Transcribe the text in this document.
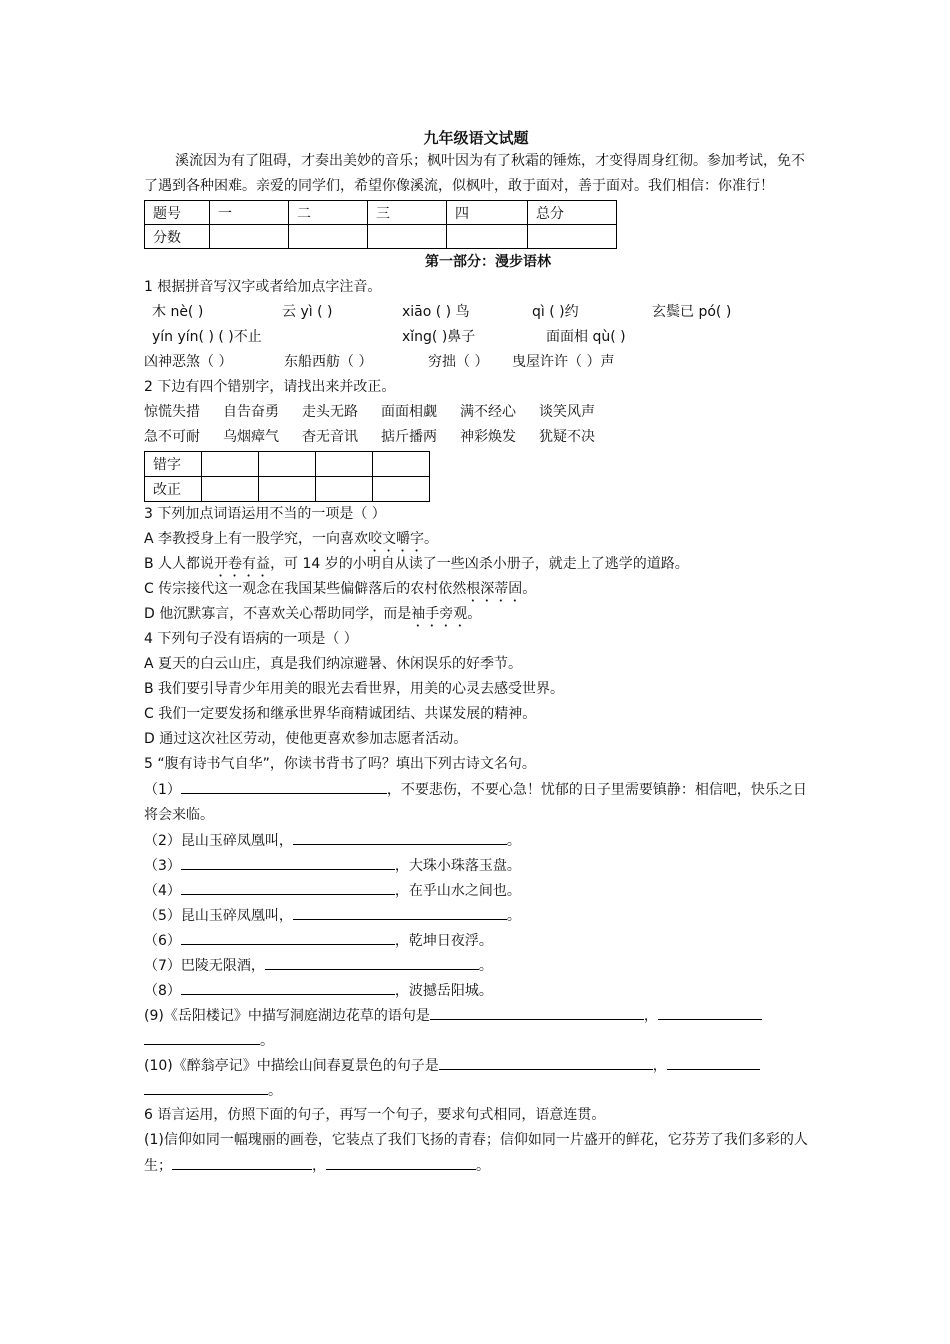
九年级语文试题
溪流因为有了阻碍，才奏出美妙的音乐；枫叶因为有了秋霜的锤炼，才变得周身红彻。参加考试，免不了遇到各种困难。亲爱的同学们，希望你像溪流，似枫叶，敢于面对，善于面对。我们相信：你准行！
题号	一	二	三	四	总分
分数					
第一部分：漫步语林
1 根据拼音写汉字或者给加点字注音。
木 nè( )	云 yì ( )	xiāo ( ) 鸟	qì ( )约	玄鬓已 pó( )
yín yín( ) ( )不止	xǐng( )鼻子	面面相 qù( )
凶神恶煞（ ）	东船西舫（ ）	穷拙（ ） 曳屋许许（ ）声
2 下边有四个错别字，请找出来并改正。
惊慌失措 自告奋勇 走头无路 面面相觑 满不经心 谈笑风声
急不可耐 乌烟瘴气 杳无音讯 掂斤播两 神彩焕发 犹疑不决
错字				
改正				
3 下列加点词语运用不当的一项是（ ）
A 李教授身上有一股学究，一向喜欢咬文嚼字。
B 人人都说开卷有益，可 14 岁的小明自从读了一些凶杀小册子，就走上了逃学的道路。
C 传宗接代这一观念在我国某些偏僻落后的农村依然根深蒂固。
D 他沉默寡言，不喜欢关心帮助同学，而是袖手旁观。
4 下列句子没有语病的一项是（ ）
A 夏天的白云山庄，真是我们纳凉避暑、休闲误乐的好季节。
B 我们要引导青少年用美的眼光去看世界，用美的心灵去感受世界。
C 我们一定要发扬和继承世界华商精诚团结、共谋发展的精神。
D 通过这次社区劳动，使他更喜欢参加志愿者活动。
5 “腹有诗书气自华”，你读书背书了吗？填出下列古诗文名句。
（1）	，不要悲伤，不要心急！忧郁的日子里需要镇静：相信吧，快乐之日将会来临。
（2）昆山玉碎凤凰叫，	。
（3）	，大珠小珠落玉盘。
（4）	，在乎山水之间也。
（5）昆山玉碎凤凰叫，	。
（6）	，乾坤日夜浮。
（7）巴陵无限酒，	。
（8）	，波撼岳阳城。
(9)《岳阳楼记》中描写洞庭湖边花草的语句是	，
。
(10)《醉翁亭记》中描绘山间春夏景色的句子是	，
。
6 语言运用，仿照下面的句子，再写一个句子，要求句式相同，语意连贯。
(1)信仰如同一幅瑰丽的画卷，它装点了我们飞扬的青春；信仰如同一片盛开的鲜花，它芬芳了我们多彩的人生；	，	。
